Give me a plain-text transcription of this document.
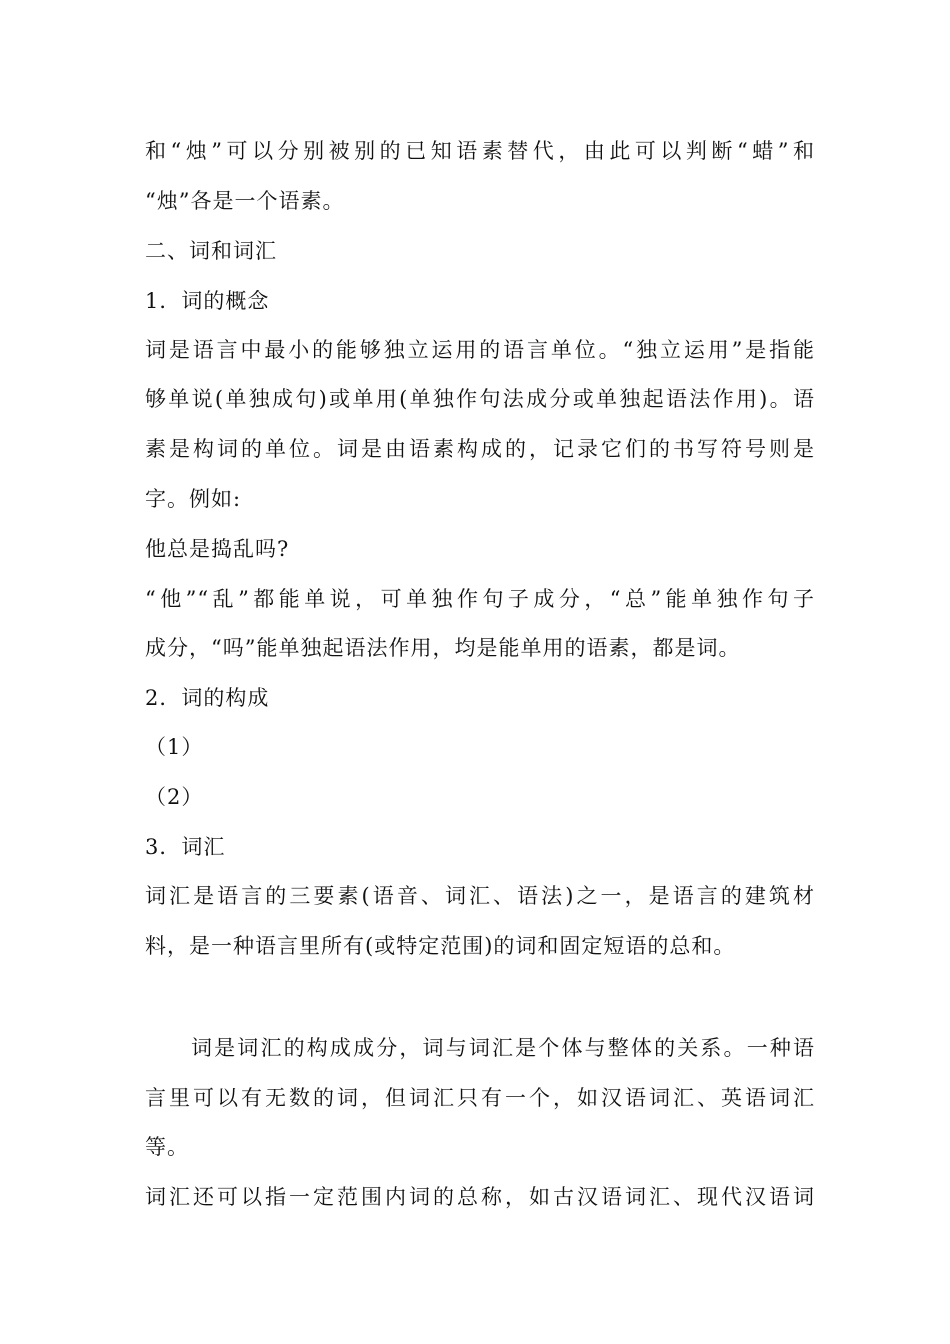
和“烛”可以分别被别的已知语素替代，由此可以判断“蜡”和
“烛”各是一个语素。
二、词和词汇
1．词的概念
词是语言中最小的能够独立运用的语言单位。“独立运用”是指能
够单说(单独成句)或单用(单独作句法成分或单独起语法作用)。语
素是构词的单位。词是由语素构成的，记录它们的书写符号则是
字。例如:
他总是捣乱吗?
“他”“乱”都能单说，可单独作句子成分，“总”能单独作句子
成分，“吗”能单独起语法作用，均是能单用的语素，都是词。
2．词的构成
（1）
（2）
3．词汇
词汇是语言的三要素(语音、词汇、语法)之一，是语言的建筑材
料，是一种语言里所有(或特定范围)的词和固定短语的总和。
词是词汇的构成成分，词与词汇是个体与整体的关系。一种语
言里可以有无数的词，但词汇只有一个，如汉语词汇、英语词汇
等。
词汇还可以指一定范围内词的总称，如古汉语词汇、现代汉语词
